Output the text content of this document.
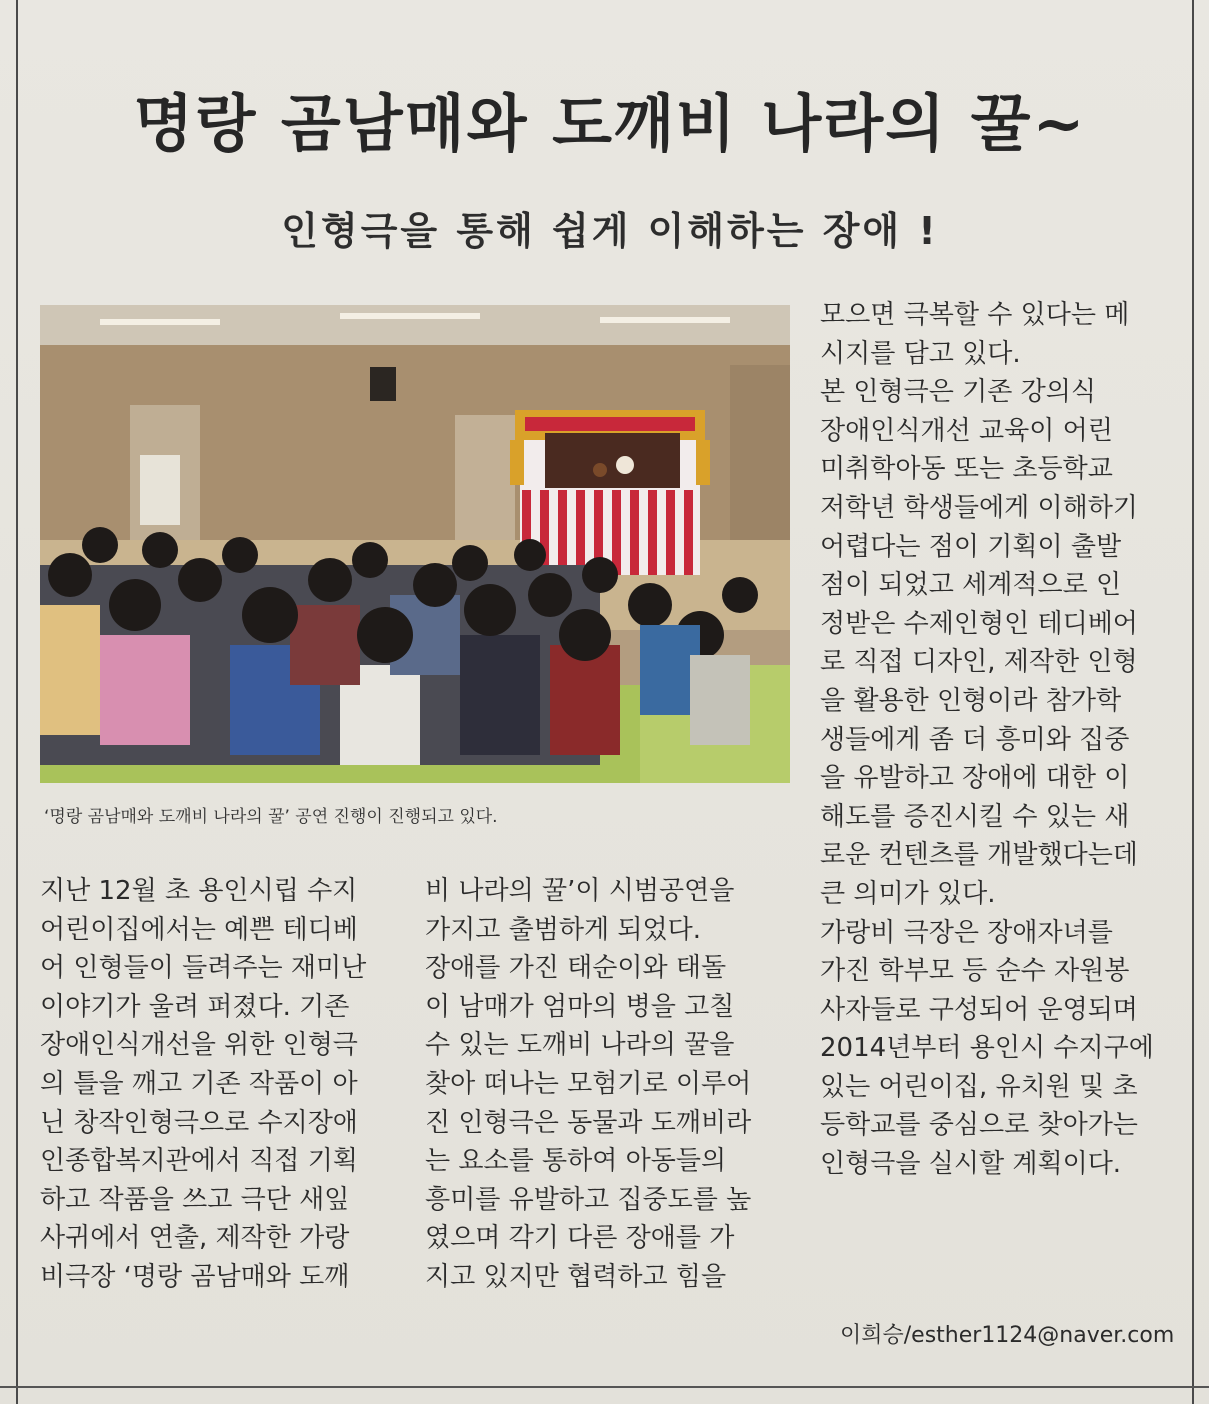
명랑 곰남매와 도깨비 나라의 꿀~
인형극을 통해 쉽게 이해하는 장애 !
‘명랑 곰남매와 도깨비 나라의 꿀’ 공연 진행이 진행되고 있다.
지난 12월 초 용인시립 수지
어린이집에서는 예쁜 테디베
어 인형들이 들려주는 재미난
이야기가 울려 퍼졌다. 기존
장애인식개선을 위한 인형극
의 틀을 깨고 기존 작품이 아
닌 창작인형극으로 수지장애
인종합복지관에서 직접 기획
하고 작품을 쓰고 극단 새잎
사귀에서 연출, 제작한 가랑
비극장 ‘명랑 곰남매와 도깨
비 나라의 꿀’이 시범공연을
가지고 출범하게 되었다.
장애를 가진 태순이와 태돌
이 남매가 엄마의 병을 고칠
수 있는 도깨비 나라의 꿀을
찾아 떠나는 모험기로 이루어
진 인형극은 동물과 도깨비라
는 요소를 통하여 아동들의
흥미를 유발하고 집중도를 높
였으며 각기 다른 장애를 가
지고 있지만 협력하고 힘을
모으면 극복할 수 있다는 메
시지를 담고 있다.
본 인형극은 기존 강의식
장애인식개선 교육이 어린
미취학아동 또는 초등학교
저학년 학생들에게 이해하기
어렵다는 점이 기획이 출발
점이 되었고 세계적으로 인
정받은 수제인형인 테디베어
로 직접 디자인, 제작한 인형
을 활용한 인형이라 참가학
생들에게 좀 더 흥미와 집중
을 유발하고 장애에 대한 이
해도를 증진시킬 수 있는 새
로운 컨텐츠를 개발했다는데
큰 의미가 있다.
가랑비 극장은 장애자녀를
가진 학부모 등 순수 자원봉
사자들로 구성되어 운영되며
2014년부터 용인시 수지구에
있는 어린이집, 유치원 및 초
등학교를 중심으로 찾아가는
인형극을 실시할 계획이다.
이희승/esther1124@naver.com
